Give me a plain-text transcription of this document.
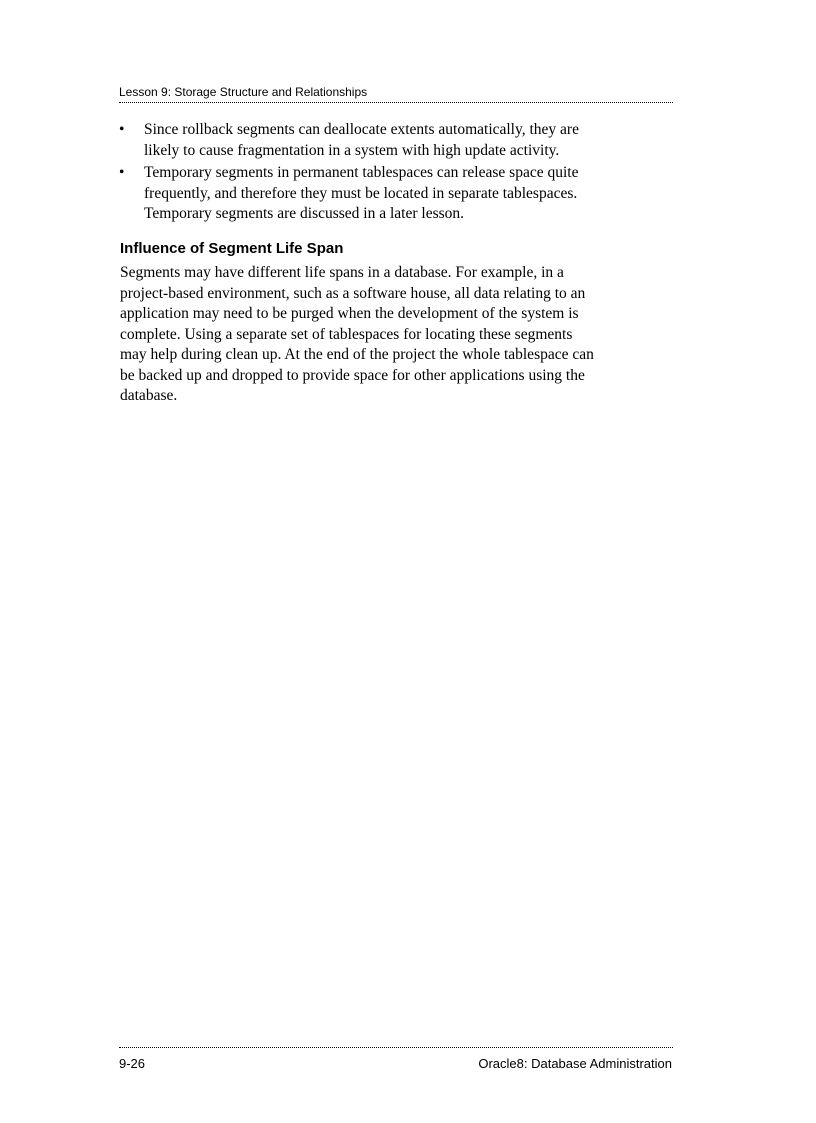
Lesson 9: Storage Structure and Relationships
• Since rollback segments can deallocate extents automatically, they are
likely to cause fragmentation in a system with high update activity.
• Temporary segments in permanent tablespaces can release space quite
frequently, and therefore they must be located in separate tablespaces.
Temporary segments are discussed in a later lesson.
Influence of Segment Life Span

Segments may have different life spans in a database. For example, in a
project-based environment, such as a software house, all data relating to an
application may need to be purged when the development of the system is
complete. Using a separate set of tablespaces for locating these segments
may help during clean up. At the end of the project the whole tablespace can
be backed up and dropped to provide space for other applications using the
database.

9-26	Oracle8: Database Administration
